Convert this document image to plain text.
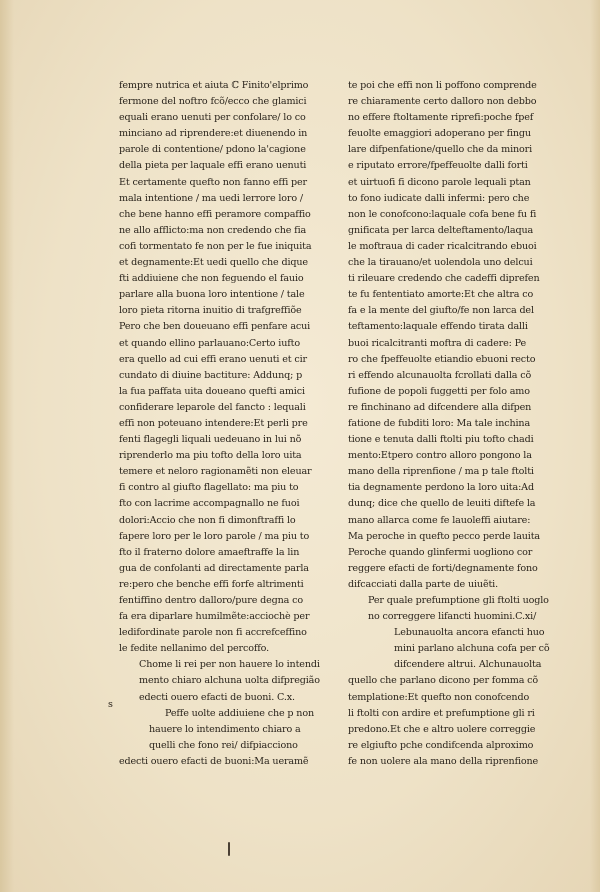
fempre nutrica et aiuta ℂ Finito'elprimo
fermone del noftro fcõ/ecco che glamici
equali erano uenuti per confolare/ lo co
minciano ad riprendere:et diuenendo in
parole di contentione/ pdono la'cagione
della pieta per laquale effi erano uenuti
Et certamente quefto non fanno effi per
mala intentione / ma uedi lerrore loro /
che bene hanno effi peramore compaffio
ne allo afflicto:ma non credendo che fia
cofi tormentato fe non per le fue iniquita
et degnamente:Et uedi quello che dique
fti addiuiene che non feguendo el fauio
parlare alla buona loro intentione / tale
loro pieta ritorna inuitio di trafgreffiõe
Pero che ben doueuano effi penfare acui
et quando ellino parlauano:Certo iufto
era quello ad cui effi erano uenuti et cir
cundato di diuine bactiture: Addunq; p
la fua paffata uita doueano quefti amici
confiderare leparole del fancto : lequali
effi non poteuano intendere:Et perli pre
fenti flagegli liquali uedeuano in lui nõ
riprenderlo ma piu tofto della loro uita
temere et neloro ragionamẽti non eleuar
fi contro al giufto flagellato: ma piu to
fto con lacrime accompagnallo ne fuoi
dolori:Accio che non fi dimonftraffi lo
fapere loro per le loro parole / ma piu to
fto il fraterno dolore amaeftraffe la lin
gua de confolanti ad directamente parla
re:pero che benche effi forfe altrimenti
fentiffino dentro dalloro/pure degna co
fa era diparlare humilmẽte:acciochè per
ledifordinate parole non fi accrefceffino
le fedite nellanimo del percoffo.
Chome li rei per non hauere lo intendi
mento chiaro alchuna uolta difpregião
edecti ouero efacti de buoni. C.x.
Peffe uolte addiuiene che p non
hauere lo intendimento chiaro a
quelli che fono rei/ difpiacciono
edecti ouero efacti de buoni:Ma ueramẽ
te poi che effi non li poffono comprende
re chiaramente certo dalloro non debbo
no effere ftoltamente riprefi:poche fpef
feuolte emaggiori adoperano per fingu
lare difpenfatione/quello che da minori
e riputato errore/fpeffeuolte dalli forti
et uirtuofi fi dicono parole lequali ptan
to fono iudicate dalli infermi: pero che
non le conofcono:laquale cofa bene fu fi
gnificata per larca delteftamento/laqua
le moftraua di cader ricalcitrando ebuoi
che la tirauano/et uolendola uno delcui
ti rileuare credendo che cadeffi diprefen
te fu fententiato amorte:Et che altra co
fa e la mente del giufto/fe non larca del
teftamento:laquale effendo tirata dalli
buoi ricalcitranti moftra di cadere: Pe
ro che fpeffeuolte etiandio ebuoni recto
ri effendo alcunauolta fcrollati dalla cõ
fufione de popoli fuggetti per folo amo
re finchinano ad difcendere alla difpen
fatione de fubditi loro: Ma tale inchina
tione e tenuta dalli ftolti piu tofto chadi
mento:Etpero contro alloro pongono la
mano della riprenfione / ma p tale ftolti
tia degnamente perdono la loro uita:Ad
dunq; dice che quello de leuiti diftefe la
mano allarca come fe lauoleffi aiutare:
Ma peroche in quefto pecco perde lauita
Peroche quando glinfermi uogliono cor
reggere efacti de forti/degnamente fono
difcacciati dalla parte de uiuẽti.
Per quale prefumptione gli ftolti uoglo
no correggere lifancti huomini.C.xi/
Lebunauolta ancora efancti huo
mini parlano alchuna cofa per cõ
difcendere altrui. Alchunauolta
quello che parlano dicono per fomma cõ
templatione:Et quefto non conofcendo
li ftolti con ardire et prefumptione gli ri
predono.Et che e altro uolere correggie
re elgiufto pche condifcenda alproximo
fe non uolere ala mano della riprenfione
s
